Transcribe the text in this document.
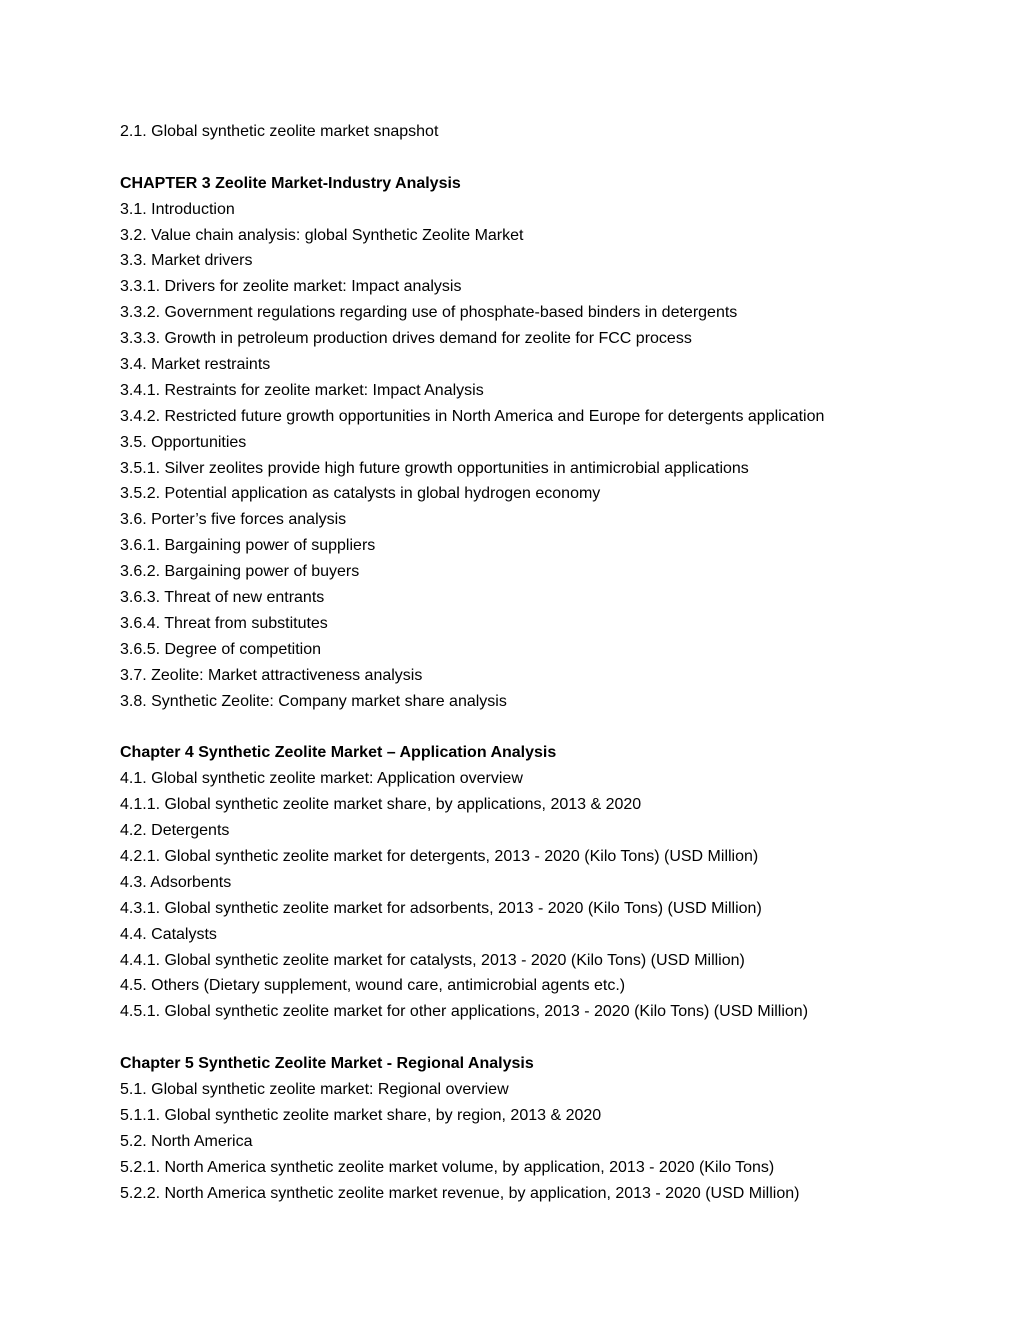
2.1. Global synthetic zeolite market snapshot
CHAPTER 3 Zeolite Market-Industry Analysis
3.1. Introduction
3.2. Value chain analysis: global Synthetic Zeolite Market
3.3. Market drivers
3.3.1. Drivers for zeolite market: Impact analysis
3.3.2. Government regulations regarding use of phosphate-based binders in detergents
3.3.3. Growth in petroleum production drives demand for zeolite for FCC process
3.4. Market restraints
3.4.1. Restraints for zeolite market: Impact Analysis
3.4.2. Restricted future growth opportunities in North America and Europe for detergents application
3.5. Opportunities
3.5.1. Silver zeolites provide high future growth opportunities in antimicrobial applications
3.5.2. Potential application as catalysts in global hydrogen economy
3.6. Porter’s five forces analysis
3.6.1. Bargaining power of suppliers
3.6.2. Bargaining power of buyers
3.6.3. Threat of new entrants
3.6.4. Threat from substitutes
3.6.5. Degree of competition
3.7. Zeolite: Market attractiveness analysis
3.8. Synthetic Zeolite: Company market share analysis
Chapter 4 Synthetic Zeolite Market – Application Analysis
4.1. Global synthetic zeolite market: Application overview
4.1.1. Global synthetic zeolite market share, by applications, 2013 & 2020
4.2. Detergents
4.2.1. Global synthetic zeolite market for detergents, 2013 - 2020 (Kilo Tons) (USD Million)
4.3. Adsorbents
4.3.1. Global synthetic zeolite market for adsorbents, 2013 - 2020 (Kilo Tons) (USD Million)
4.4. Catalysts
4.4.1. Global synthetic zeolite market for catalysts, 2013 - 2020 (Kilo Tons) (USD Million)
4.5. Others (Dietary supplement, wound care, antimicrobial agents etc.)
4.5.1. Global synthetic zeolite market for other applications, 2013 - 2020 (Kilo Tons) (USD Million)
Chapter 5 Synthetic Zeolite Market - Regional Analysis
5.1. Global synthetic zeolite market: Regional overview
5.1.1. Global synthetic zeolite market share, by region, 2013 & 2020
5.2. North America
5.2.1. North America synthetic zeolite market volume, by application, 2013 - 2020 (Kilo Tons)
5.2.2. North America synthetic zeolite market revenue, by application, 2013 - 2020 (USD Million)
